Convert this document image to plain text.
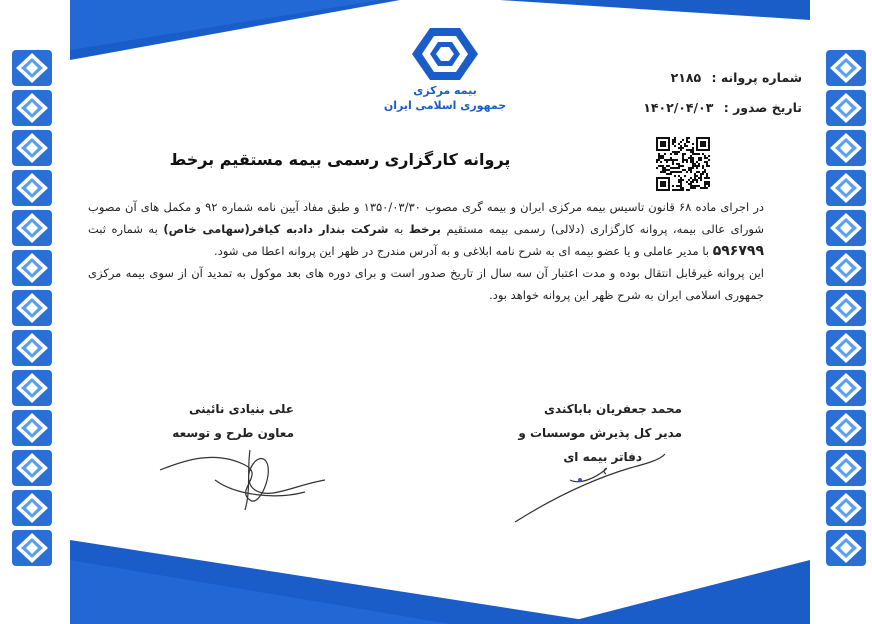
بیمه مرکزی
جمهوری اسلامی ایران
شماره پروانه : ۲۱۸۵
تاریخ صدور : ۱۴۰۲/۰۴/۰۳
پروانه کارگزاری رسمی بیمه مستقیم برخط

در اجرای ماده ۶۸ قانون تاسیس بیمه مرکزی ایران و بیمه گری مصوب ۱۳۵۰/۰۳/۳۰ و طبق مفاد آیین نامه شماره ۹۲ و مکمل های آن مصوب شورای عالی بیمه، پروانه کارگزاری (دلالی) رسمی بیمه مستقیم برخط به شرکت بندار دادبه کیافر(سهامی خاص) به شماره ثبت ۵۹۶۷۹۹ با مدیر عاملی و یا عضو بیمه ای به شرح نامه ابلاغی و به آدرس مندرج در ظهر این پروانه اعطا می شود.

این پروانه غیرقابل انتقال بوده و مدت اعتبار آن سه سال از تاریخ صدور است و برای دوره های بعد موکول به تمدید آن از سوی بیمه مرکزی جمهوری اسلامی ایران به شرح ظهر این پروانه خواهد بود.

محمد جعفریان باباکندی
مدیر کل پذیرش موسسات و
دفاتر بیمه ای
علی بنیادی نائینی
معاون طرح و توسعه
